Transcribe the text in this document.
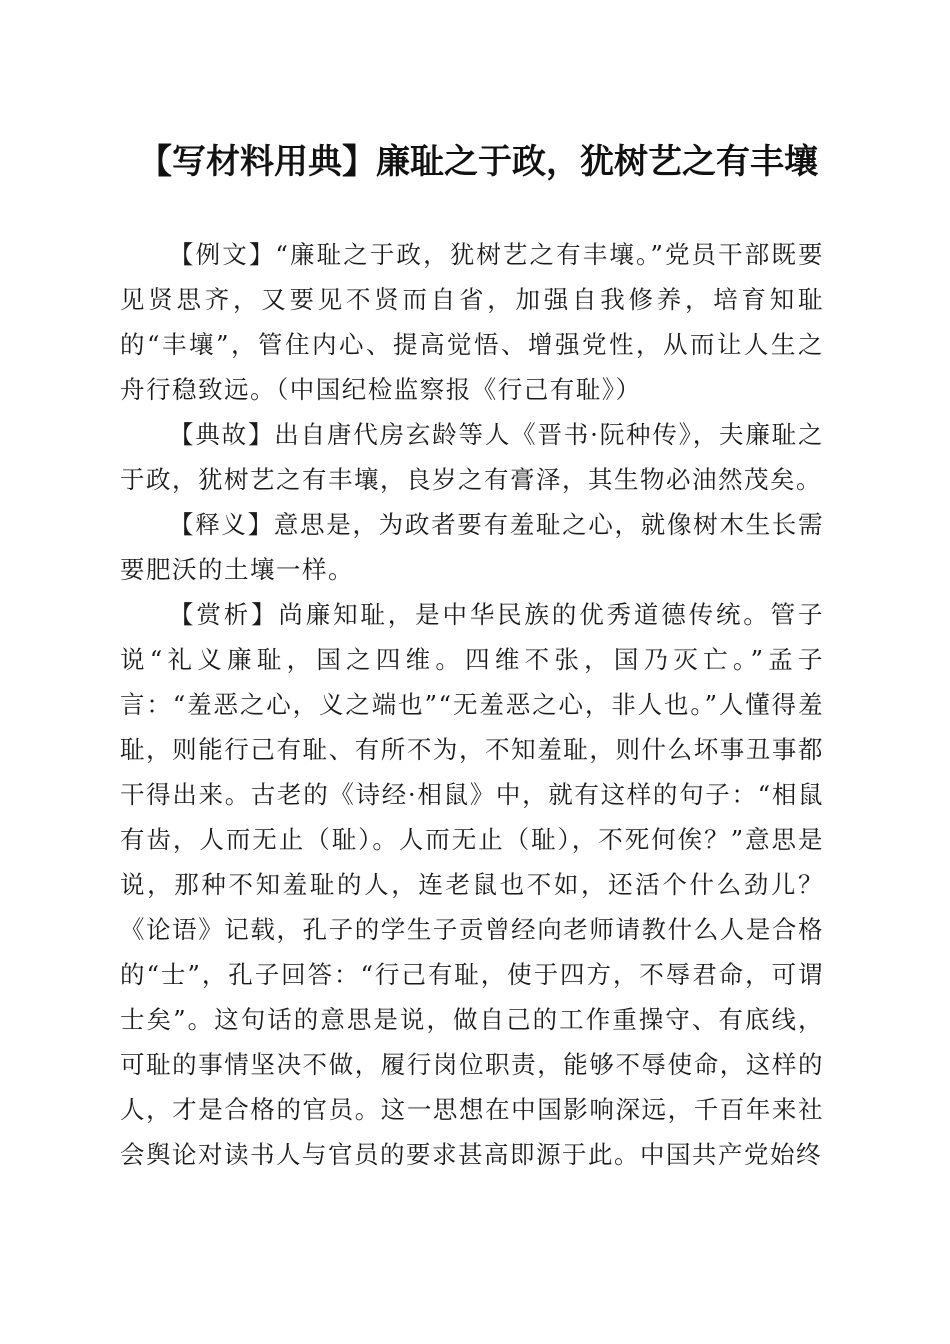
【写材料用典】廉耻之于政，犹树艺之有丰壤

【例文】“廉耻之于政，犹树艺之有丰壤。”党员干部既要见贤思齐，又要见不贤而自省，加强自我修养，培育知耻的“丰壤”，管住内心、提高觉悟、增强党性，从而让人生之舟行稳致远。（中国纪检监察报《行己有耻》）

【典故】出自唐代房玄龄等人《晋书·阮种传》，夫廉耻之于政，犹树艺之有丰壤，良岁之有膏泽，其生物必油然茂矣。

【释义】意思是，为政者要有羞耻之心，就像树木生长需要肥沃的土壤一样。

【赏析】尚廉知耻，是中华民族的优秀道德传统。管子说“礼义廉耻，国之四维。四维不张，国乃灭亡。”孟子言：“羞恶之心，义之端也”“无羞恶之心，非人也。”人懂得羞耻，则能行己有耻、有所不为，不知羞耻，则什么坏事丑事都干得出来。古老的《诗经·相鼠》中，就有这样的句子：“相鼠有齿，人而无止（耻）。人而无止（耻），不死何俟？”意思是说，那种不知羞耻的人，连老鼠也不如，还活个什么劲儿？《论语》记载，孔子的学生子贡曾经向老师请教什么人是合格的“士”，孔子回答：“行己有耻，使于四方，不辱君命，可谓士矣”。这句话的意思是说，做自己的工作重操守、有底线，可耻的事情坚决不做，履行岗位职责，能够不辱使命，这样的人，才是合格的官员。这一思想在中国影响深远，千百年来社会舆论对读书人与官员的要求甚高即源于此。中国共产党始终
